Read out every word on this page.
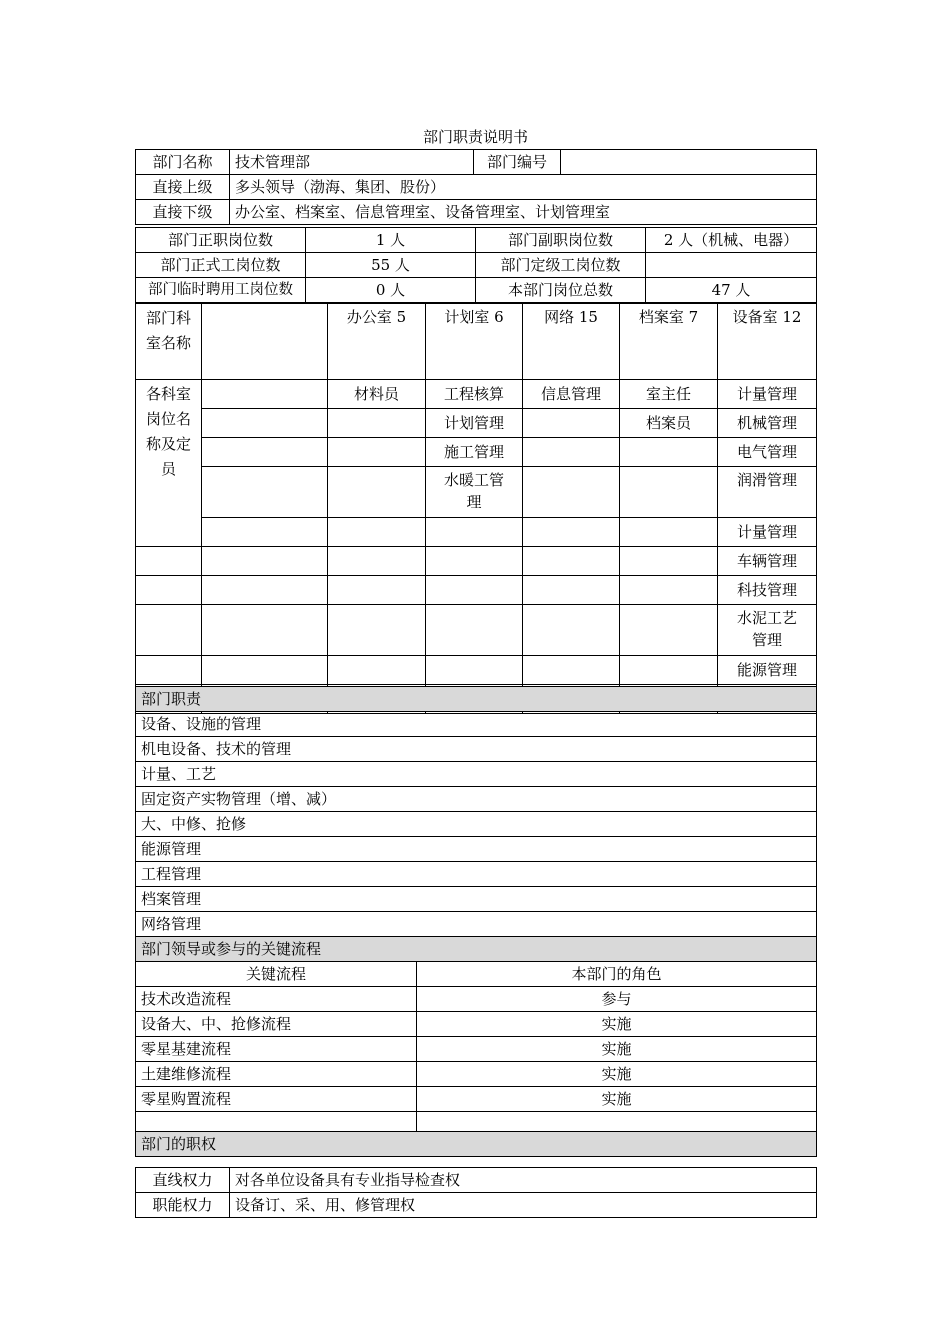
部门职责说明书
部门名称	技术管理部	部门编号	
直接上级	多头领导（渤海、集团、股份）		
直接下级	办公室、档案室、信息管理室、设备管理室、计划管理室		
部门正职岗位数	1 人	部门副职岗位数	2 人（机械、电器）
部门正式工岗位数	55 人	部门定级工岗位数	
部门临时聘用工岗位数	0 人	本部门岗位总数	47 人
部门科室名称		办公室 5	计划室 6	网络 15	档案室 7	设备室 12
各科室岗位名称及定员		材料员	工程核算	信息管理	室主任	计量管理
			计划管理		档案员	机械管理
			施工管理			电气管理
			水暖工管理			润滑管理
						计量管理
						车辆管理
						科技管理
						水泥工艺管理
						能源管理

部门职责	
设备、设施的管理	
机电设备、技术的管理	
计量、工艺	
固定资产实物管理（增、减）	
大、中修、抢修	
能源管理	
工程管理	
档案管理	
网络管理	
部门领导或参与的关键流程	
关键流程	本部门的角色
技术改造流程	参与
设备大、中、抢修流程	实施
零星基建流程	实施
土建维修流程	实施
零星购置流程	实施

部门的职权	
直线权力	对各单位设备具有专业指导检查权
职能权力	设备订、采、用、修管理权
